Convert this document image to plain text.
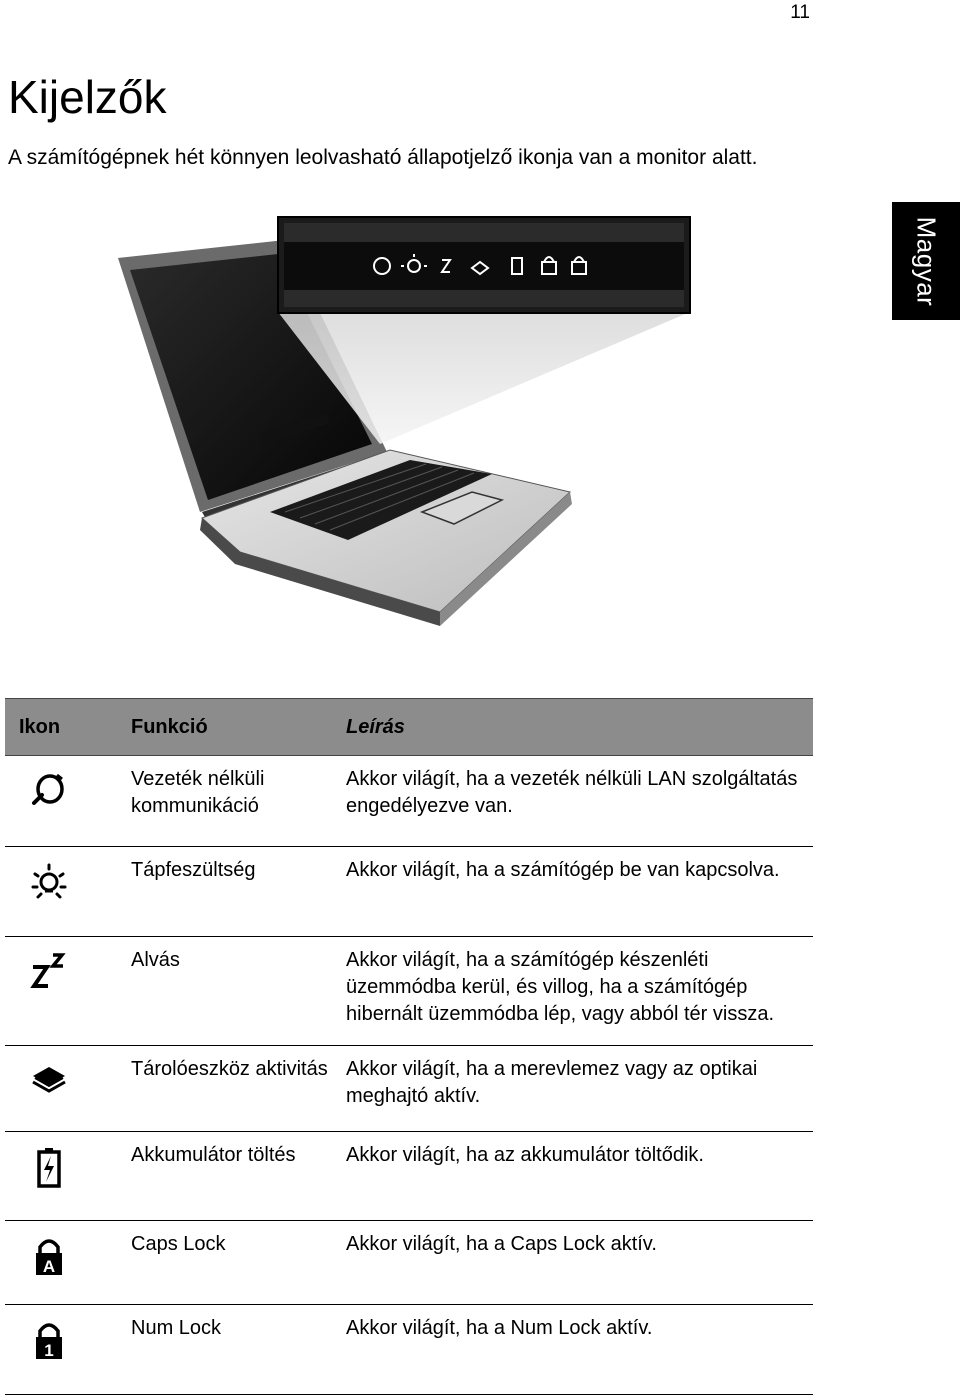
11
Kijelzők

A számítógépnek hét könnyen leolvasható állapotjelző ikonja van a monitor alatt.

Magyar
Ikon	Funkció	Leírás

	Vezeték nélküli kommunikáció	Akkor világít, ha a vezeték nélküli LAN szolgáltatás engedélyezve van.

	Tápfeszültség	Akkor világít, ha a számítógép be van kapcsolva.

	Alvás	Akkor világít, ha a számítógép készenléti üzemmódba kerül, és villog, ha a számítógép hibernált üzemmódba lép, vagy abból tér vissza.

	Tárolóeszköz aktivitás	Akkor világít, ha a merevlemez vagy az optikai meghajtó aktív.

	Akkumulátor töltés	Akkor világít, ha az akkumulátor töltődik.

A	Caps Lock	Akkor világít, ha a Caps Lock aktív.

1	Num Lock	Akkor világít, ha a Num Lock aktív.
